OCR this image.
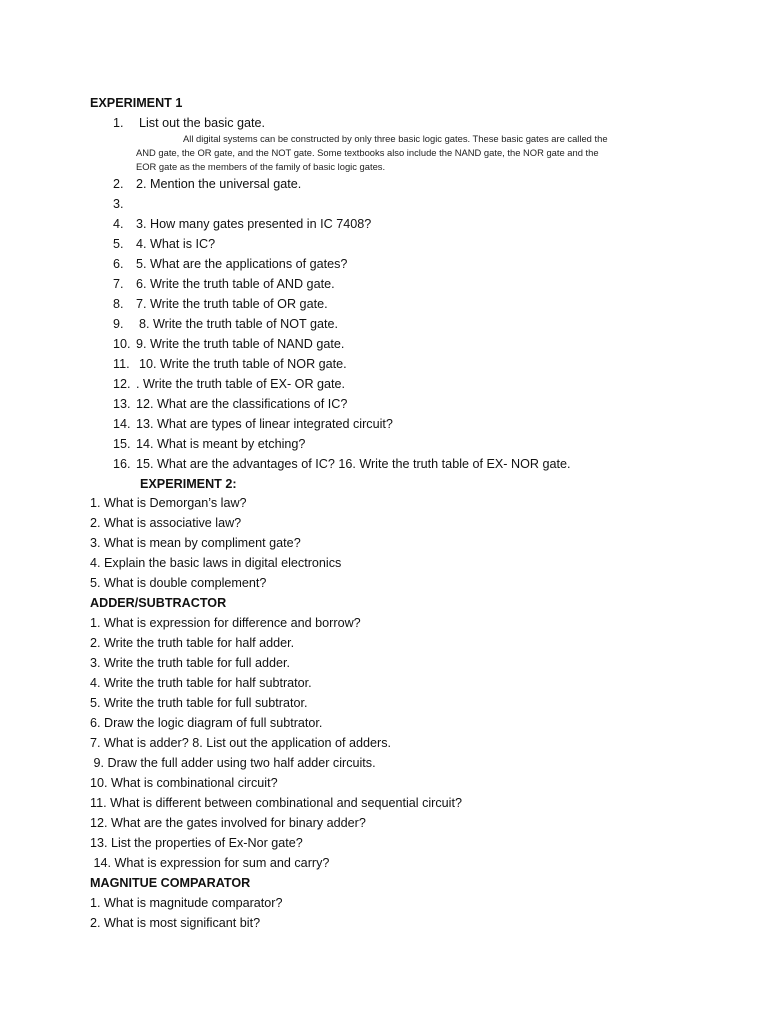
EXPERIMENT 1
1. List out the basic gate.
All digital systems can be constructed by only three basic logic gates. These basic gates are called the
AND gate, the OR gate, and the NOT gate. Some textbooks also include the NAND gate, the NOR gate and the
EOR gate as the members of the family of basic logic gates.
2. 2. Mention the universal gate.
3.
4. 3. How many gates presented in IC 7408?
5. 4. What is IC?
6. 5. What are the applications of gates?
7. 6. Write the truth table of AND gate.
8. 7. Write the truth table of OR gate.
9. 8. Write the truth table of NOT gate.
10. 9. Write the truth table of NAND gate.
11. 10. Write the truth table of NOR gate.
12. . Write the truth table of EX- OR gate.
13. 12. What are the classifications of IC?
14. 13. What are types of linear integrated circuit?
15. 14. What is meant by etching?
16. 15. What are the advantages of IC? 16. Write the truth table of EX- NOR gate.
EXPERIMENT 2:
1. What is Demorgan’s law?
2. What is associative law?
3. What is mean by compliment gate?
4. Explain the basic laws in digital electronics
5. What is double complement?
ADDER/SUBTRACTOR
1. What is expression for difference and borrow?
2. Write the truth table for half adder.
3. Write the truth table for full adder.
4. Write the truth table for half subtrator.
5. Write the truth table for full subtrator.
6. Draw the logic diagram of full subtrator.
7. What is adder? 8. List out the application of adders.
9. Draw the full adder using two half adder circuits.
10. What is combinational circuit?
11. What is different between combinational and sequential circuit?
12. What are the gates involved for binary adder?
13. List the properties of Ex-Nor gate?
14. What is expression for sum and carry?
MAGNITUE COMPARATOR
1. What is magnitude comparator?
2. What is most significant bit?
